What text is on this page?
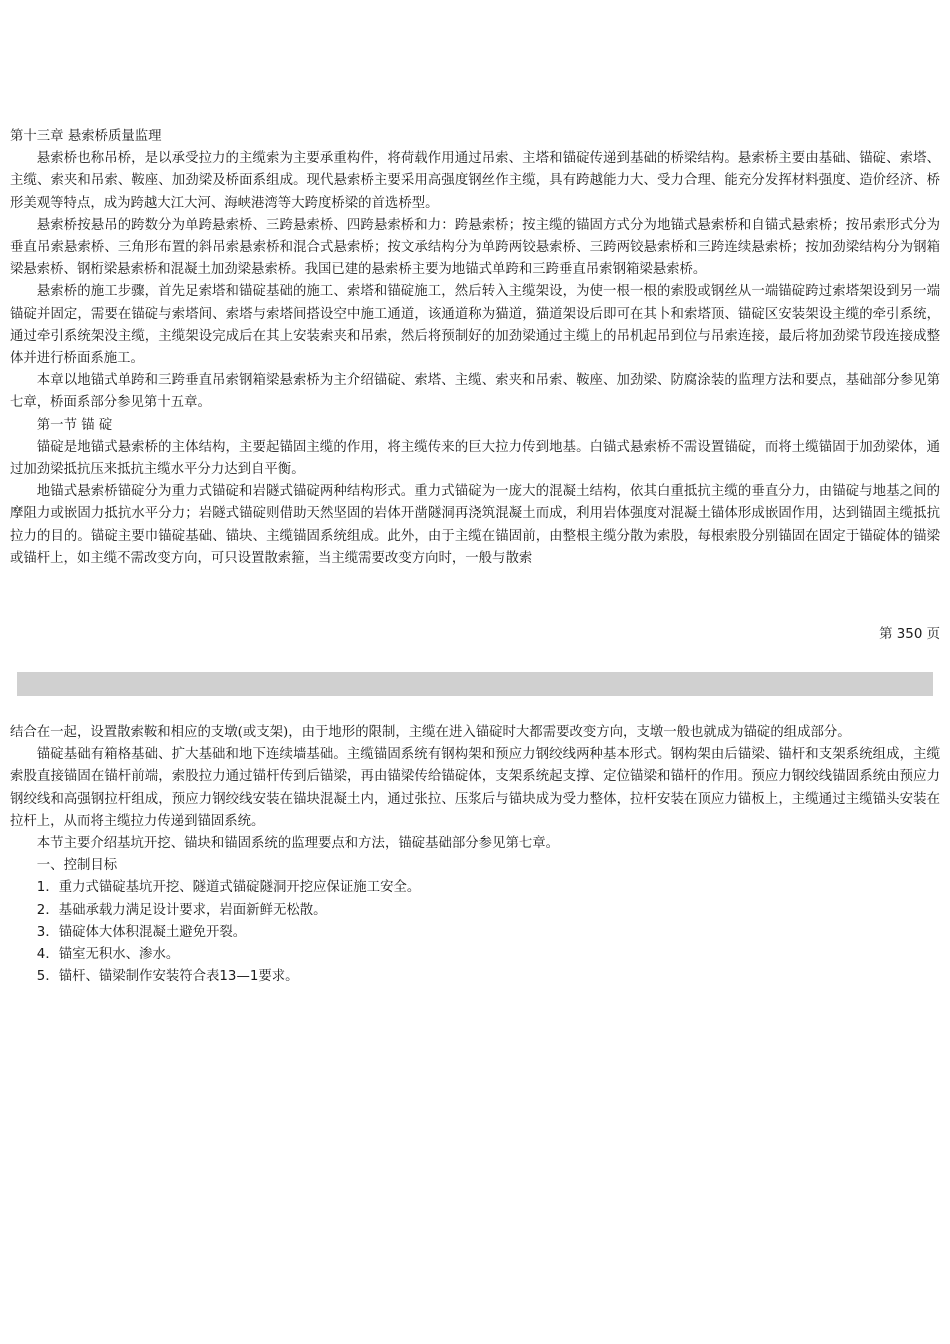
第十三章 悬索桥质量监理

悬索桥也称吊桥，是以承受拉力的主缆索为主要承重构件，将荷载作用通过吊索、主塔和锚碇传递到基础的桥梁结构。悬索桥主要由基础、锚碇、索塔、主缆、索夹和吊索、鞍座、加劲梁及桥面系组成。现代悬索桥主要采用高强度钢丝作主缆，具有跨越能力大、受力合理、能充分发挥材料强度、造价经济、桥形美观等特点，成为跨越大江大河、海峡港湾等大跨度桥梁的首选桥型。

悬索桥按悬吊的跨数分为单跨悬索桥、三跨悬索桥、四跨悬索桥和力：跨悬索桥；按主缆的锚固方式分为地锚式悬索桥和自锚式悬索桥；按吊索形式分为垂直吊索悬索桥、三角形布置的斜吊索悬索桥和混合式悬索桥；按文承结构分为单跨两铰悬索桥、三跨两铰悬索桥和三跨连续悬索桥；按加劲梁结构分为钢箱梁悬索桥、钢桁梁悬索桥和混凝土加劲梁悬索桥。我国已建的悬索桥主要为地锚式单跨和三跨垂直吊索钢箱梁悬索桥。

悬索桥的施工步骤，首先足索塔和锚碇基础的施工、索塔和锚碇施工，然后转入主缆架设，为使一根一根的索股或钢丝从一端锚碇跨过索塔架设到另一端锚碇并固定，需要在锚碇与索塔间、索塔与索塔间搭设空中施工通道，该通道称为猫道，猫道架设后即可在其卜和索塔顶、锚碇区安装架设主缆的牵引系统，通过牵引系统架没主缆，主缆架设完成后在其上安装索夹和吊索，然后将预制好的加劲梁通过主缆上的吊机起吊到位与吊索连接，最后将加劲梁节段连接成整体并进行桥面系施工。

本章以地锚式单跨和三跨垂直吊索钢箱梁悬索桥为主介绍锚碇、索塔、主缆、索夹和吊索、鞍座、加劲梁、防腐涂装的监理方法和要点，基础部分参见第七章，桥面系部分参见第十五章。

第一节 锚 碇

锚碇是地锚式悬索桥的主体结构，主要起锚固主缆的作用，将主缆传来的巨大拉力传到地基。白锚式悬索桥不需设置锚碇，而将土缆锚固于加劲梁体，通过加劲梁抵抗压来抵抗主缆水平分力达到自平衡。

地锚式悬索桥锚碇分为重力式锚碇和岩隧式锚碇两种结构形式。重力式锚碇为一庞大的混凝土结构，依其白重抵抗主缆的垂直分力，由锚碇与地基之间的摩阻力或嵌固力抵抗水平分力；岩隧式锚碇则借助天然坚固的岩体开凿隧洞再浇筑混凝土而成，利用岩体强度对混凝土锚体形成嵌固作用，达到锚固主缆抵抗拉力的目的。锚碇主要巾锚碇基础、锚块、主缆锚固系统组成。此外，由于主缆在锚固前，由整根主缆分散为索股，每根索股分别锚固在固定于锚碇体的锚梁或锚杆上，如主缆不需改变方向，可只设置散索箍，当主缆需要改变方向时，一般与散索

第 350 页

结合在一起，设置散索鞍和相应的支墩(或支架)，由于地形的限制，主缆在进入锚碇时大都需要改变方向，支墩一般也就成为锚碇的组成部分。

锚碇基础有箱格基础、扩大基础和地下连续墙基础。主缆锚固系统有钢构架和预应力钢绞线两种基本形式。钢构架由后锚梁、锚杆和支架系统组成，主缆索股直接锚固在锚杆前端，索股拉力通过锚杆传到后锚梁，再由锚梁传给锚碇体，支架系统起支撑、定位锚梁和锚杆的作用。预应力钢绞线锚固系统由预应力钢绞线和高强钢拉杆组成，预应力钢绞线安装在锚块混凝土内，通过张拉、压浆后与锚块成为受力整体，拉杆安装在顶应力锚板上，主缆通过主缆锚头安装在拉杆上，从而将主缆拉力传递到锚固系统。

本节主要介绍基坑开挖、锚块和锚固系统的监理要点和方法，锚碇基础部分参见第七章。

一、控制目标

1．重力式锚碇基坑开挖、隧道式锚碇隧洞开挖应保证施工安全。

2．基础承载力满足设计要求，岩面新鲜无松散。

3．锚碇体大体积混凝土避免开裂。

4．锚室无积水、渗水。

5．锚杆、锚梁制作安装符合表13—1要求。
